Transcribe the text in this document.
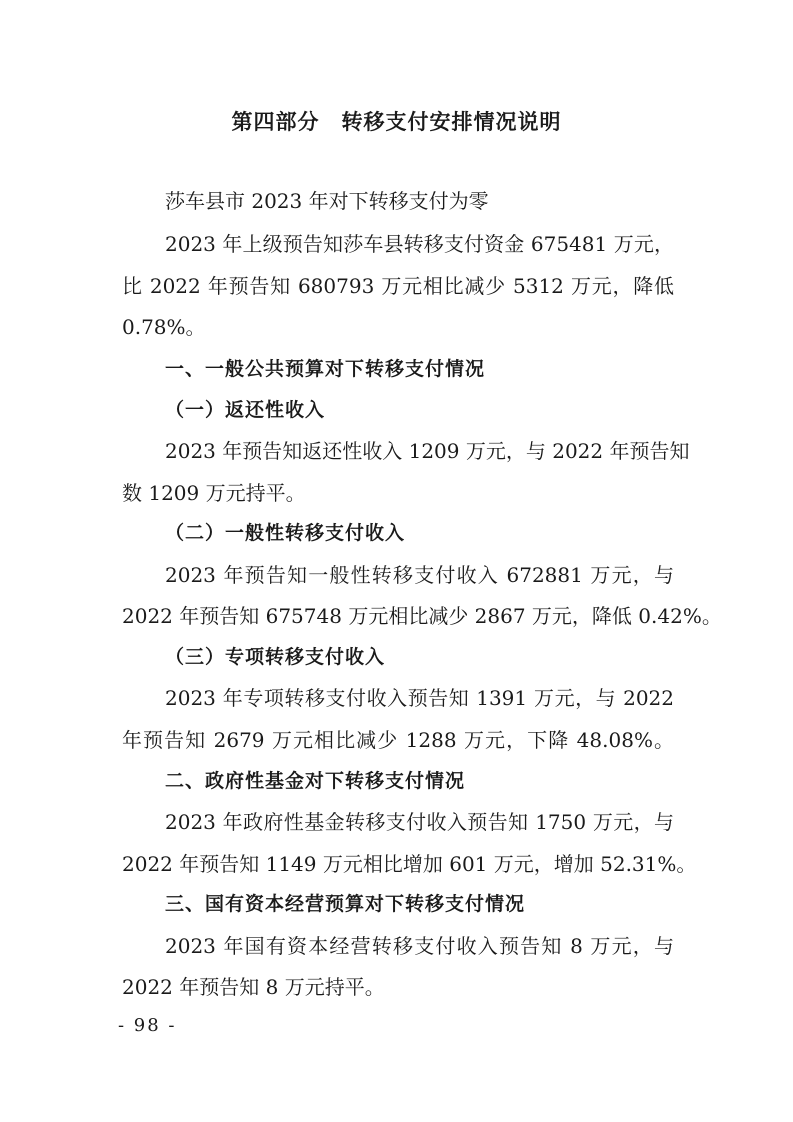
第四部分 转移支付安排情况说明
莎车县市 2023 年对下转移支付为零
2023 年上级预告知莎车县转移支付资金 675481 万元，
比 2022 年预告知 680793 万元相比减少 5312 万元，降低
0.78%。
一、一般公共预算对下转移支付情况
（一）返还性收入
2023 年预告知返还性收入 1209 万元，与 2022 年预告知
数 1209 万元持平。
（二）一般性转移支付收入
2023 年预告知一般性转移支付收入 672881 万元，与
2022 年预告知 675748 万元相比减少 2867 万元，降低 0.42%。
（三）专项转移支付收入
2023 年专项转移支付收入预告知 1391 万元，与 2022
年预告知 2679 万元相比减少 1288 万元，下降 48.08%。
二、政府性基金对下转移支付情况
2023 年政府性基金转移支付收入预告知 1750 万元，与
2022 年预告知 1149 万元相比增加 601 万元，增加 52.31%。
三、国有资本经营预算对下转移支付情况
2023 年国有资本经营转移支付收入预告知 8 万元，与
2022 年预告知 8 万元持平。
- 98 -
